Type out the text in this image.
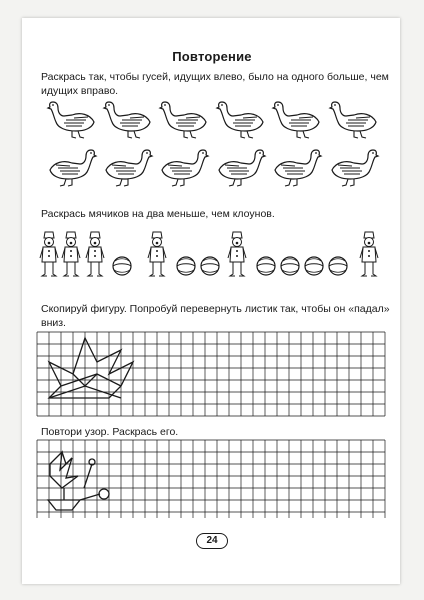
Повторение
Раскрась так, чтобы гусей, идущих влево, было на одного больше, чем идущих вправо.
Раскрась мячиков на два меньше, чем клоунов.
Скопируй фигуру. Попробуй перевернуть листик так, чтобы он «падал» вниз.
Повтори узор. Раскрась его.
24
